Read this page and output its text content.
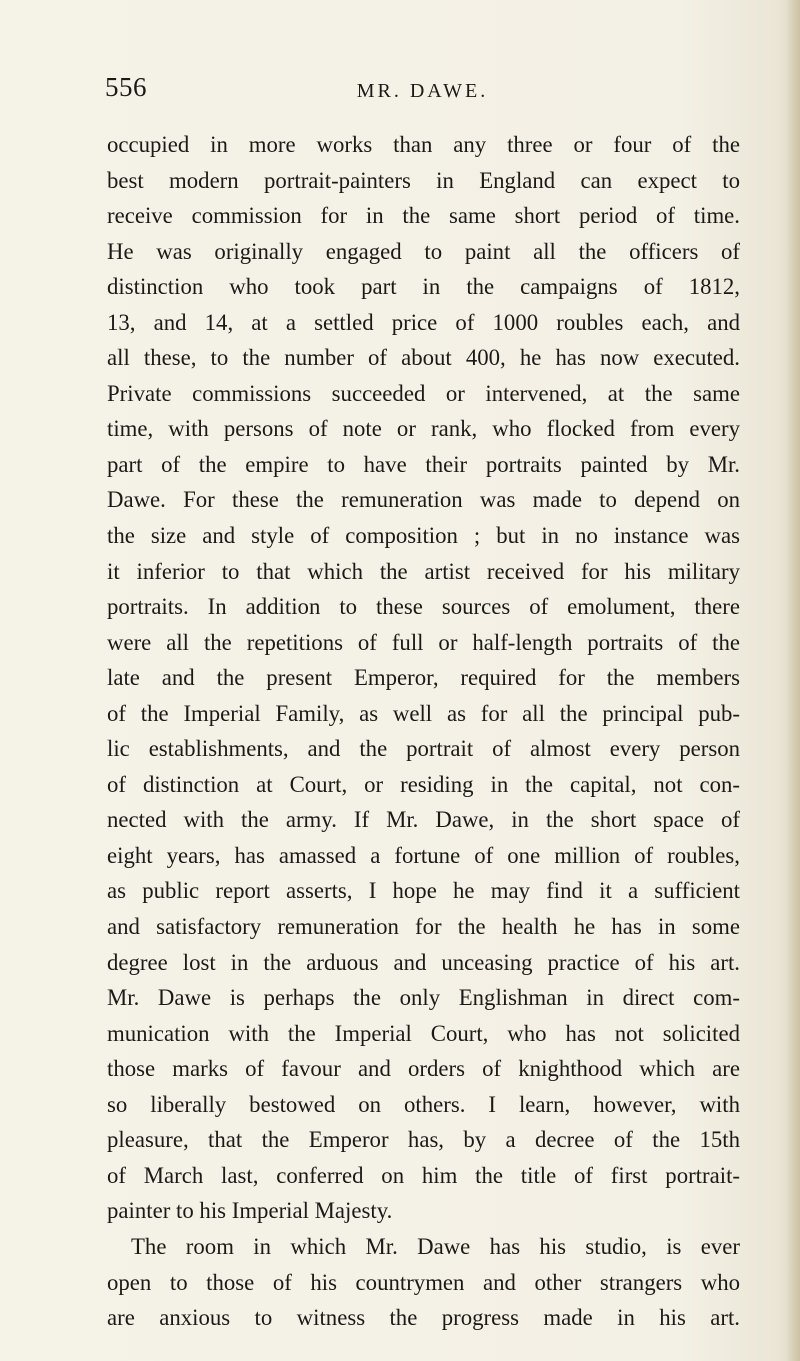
556	MR. DAWE.
occupied in more works than any three or four of the
best modern portrait-painters in England can expect to
receive commission for in the same short period of time.
He was originally engaged to paint all the officers of
distinction who took part in the campaigns of 1812,
13, and 14, at a settled price of 1000 roubles each, and
all these, to the number of about 400, he has now executed.
Private commissions succeeded or intervened, at the same
time, with persons of note or rank, who flocked from every
part of the empire to have their portraits painted by Mr.
Dawe. For these the remuneration was made to depend on
the size and style of composition ; but in no instance was
it inferior to that which the artist received for his military
portraits. In addition to these sources of emolument, there
were all the repetitions of full or half-length portraits of the
late and the present Emperor, required for the members
of the Imperial Family, as well as for all the principal pub-
lic establishments, and the portrait of almost every person
of distinction at Court, or residing in the capital, not con-
nected with the army. If Mr. Dawe, in the short space of
eight years, has amassed a fortune of one million of roubles,
as public report asserts, I hope he may find it a sufficient
and satisfactory remuneration for the health he has in some
degree lost in the arduous and unceasing practice of his art.
Mr. Dawe is perhaps the only Englishman in direct com-
munication with the Imperial Court, who has not solicited
those marks of favour and orders of knighthood which are
so liberally bestowed on others. I learn, however, with
pleasure, that the Emperor has, by a decree of the 15th
of March last, conferred on him the title of first portrait-
painter to his Imperial Majesty.
The room in which Mr. Dawe has his studio, is ever
open to those of his countrymen and other strangers who
are anxious to witness the progress made in his art.
